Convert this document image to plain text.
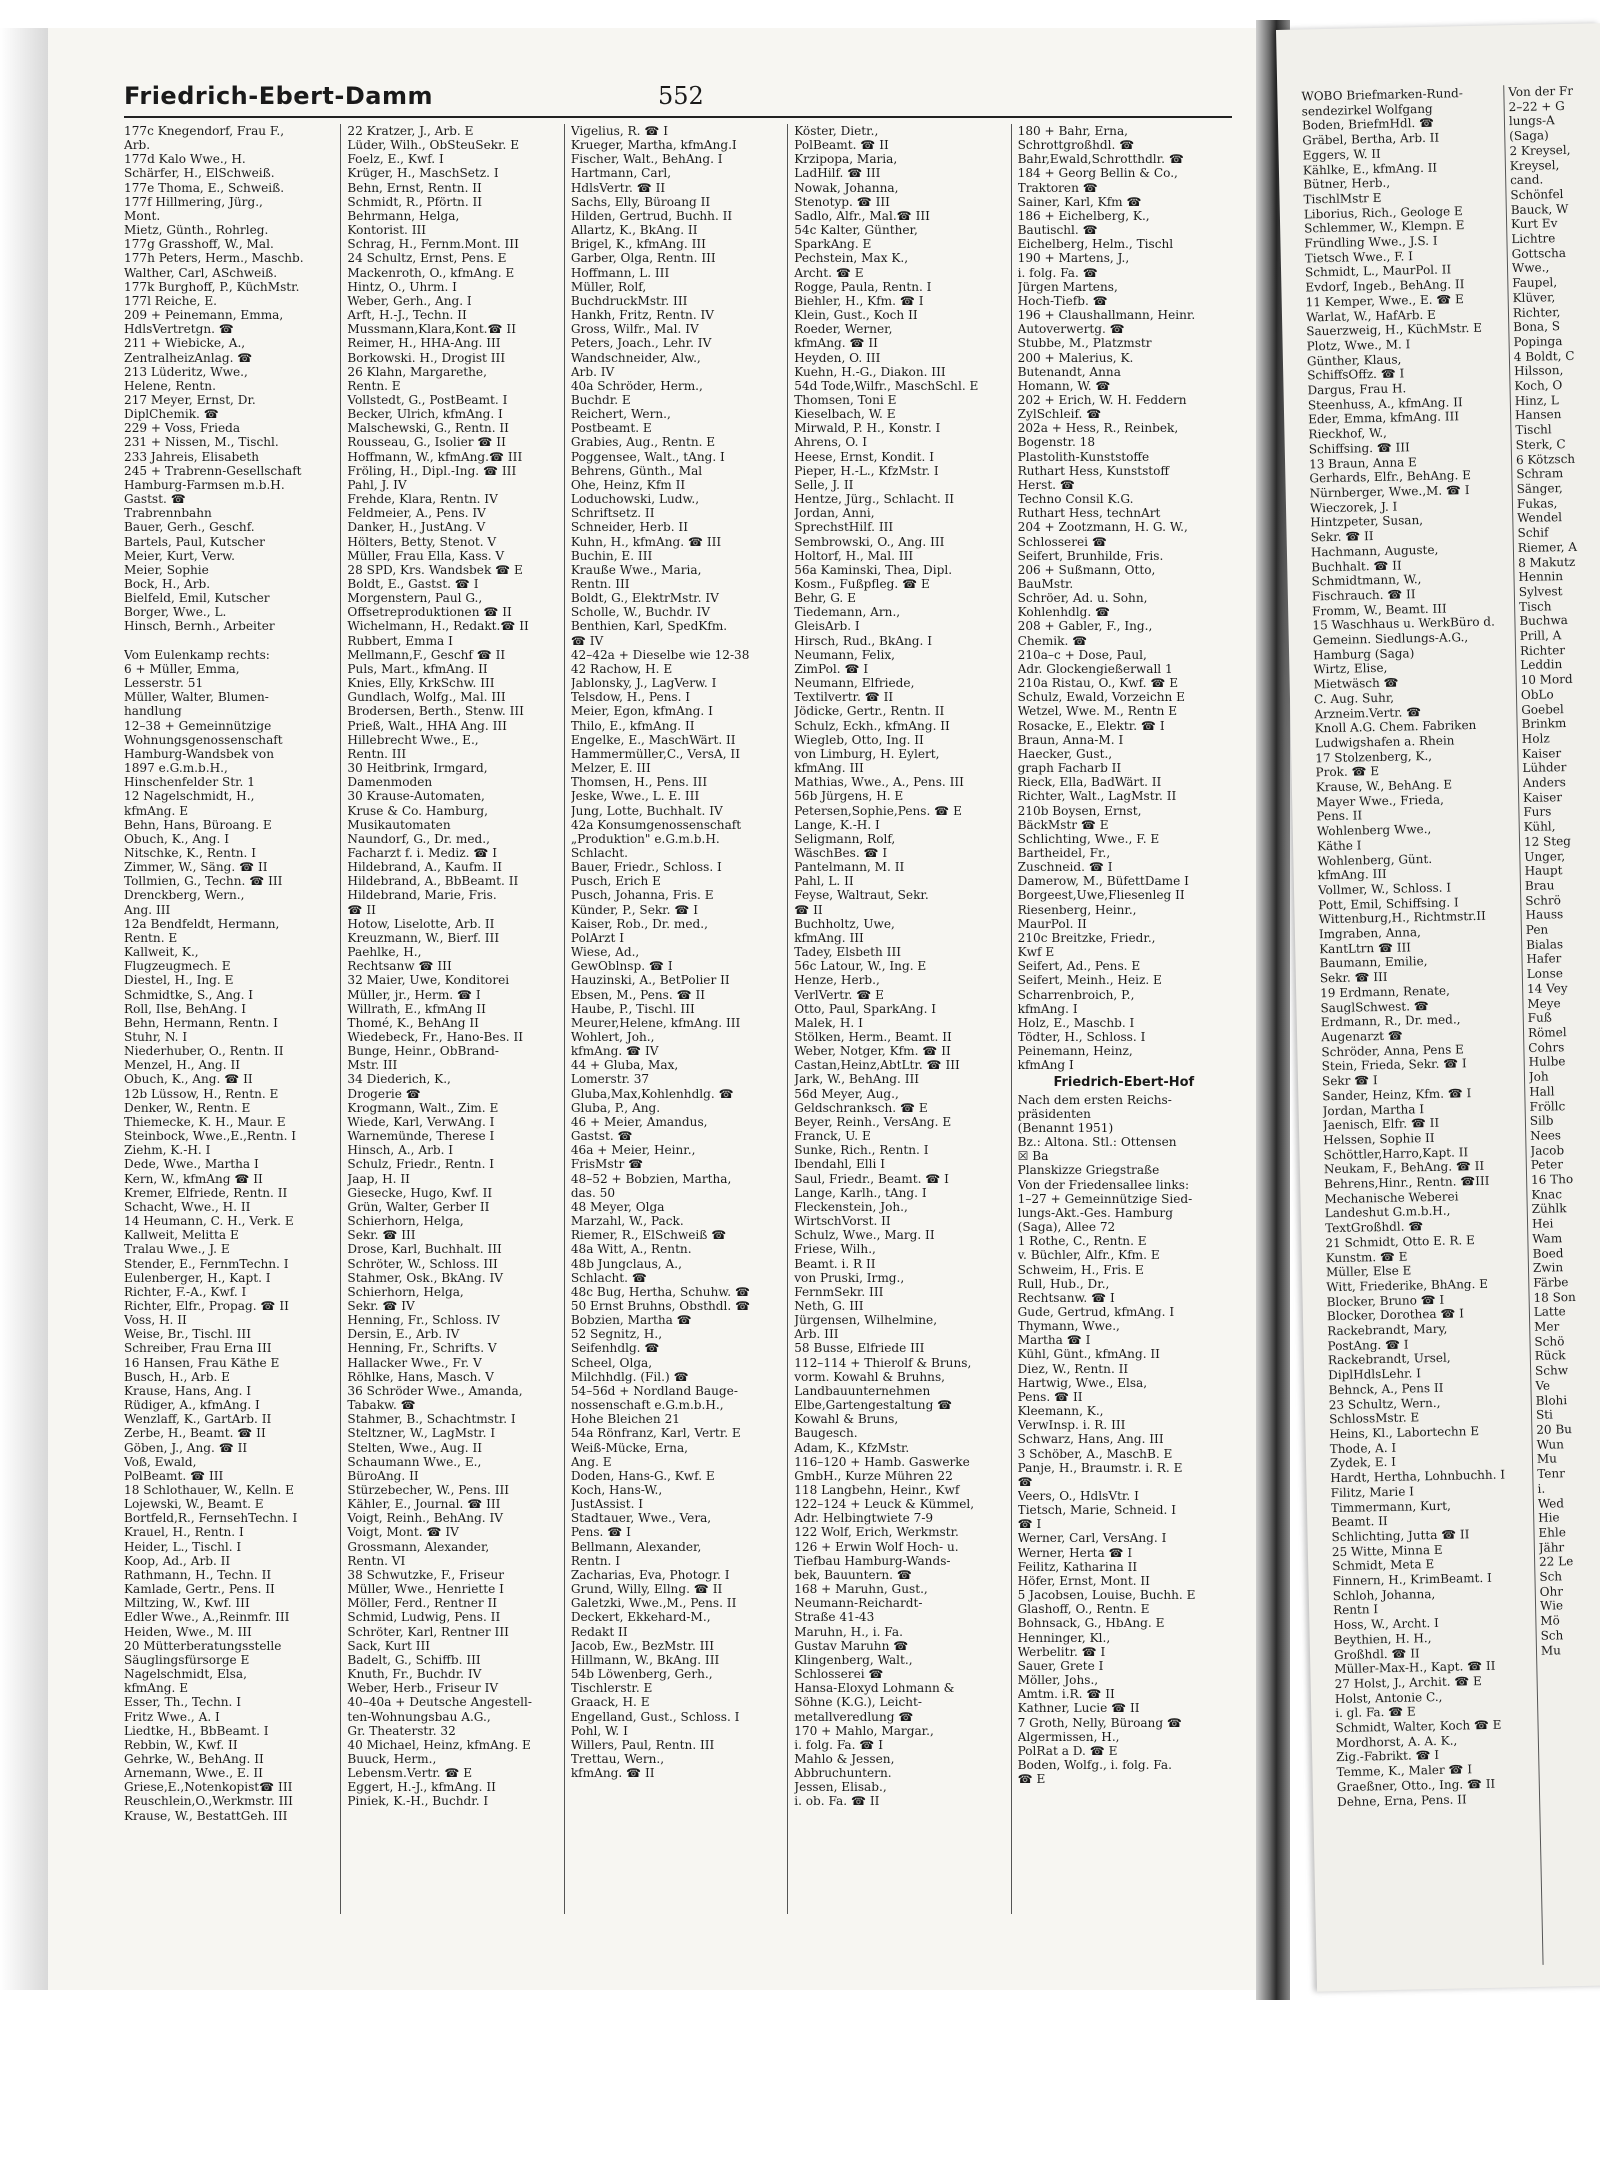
Friedrich-Ebert-Damm	552
177c Knegendorf, Frau F.,
Arb.
177d Kalo Wwe., H.
Schärfer, H., ElSchweiß.
177e Thoma, E., Schweiß.
177f Hillmering, Jürg.,
Mont.
Mietz, Günth., Rohrleg.
177g Grasshoff, W., Mal.
177h Peters, Herm., Maschb.
Walther, Carl, ASchweiß.
177k Burghoff, P., KüchMstr.
177l Reiche, E.
209 + Peinemann, Emma,
HdlsVertretgn. ☎
211 + Wiebicke, A.,
ZentralheizAnlag. ☎
213 Lüderitz, Wwe.,
Helene, Rentn.
217 Meyer, Ernst, Dr.
DiplChemik. ☎
229 + Voss, Frieda
231 + Nissen, M., Tischl.
233 Jahreis, Elisabeth
245 + Trabrenn-Gesellschaft
Hamburg-Farmsen m.b.H.
Gastst. ☎
Trabrennbahn
Bauer, Gerh., Geschf.
Bartels, Paul, Kutscher
Meier, Kurt, Verw.
Meier, Sophie
Bock, H., Arb.
Bielfeld, Emil, Kutscher
Borger, Wwe., L.
Hinsch, Bernh., Arbeiter

Vom Eulenkamp rechts:
6 + Müller, Emma,
Lesserstr. 51
Müller, Walter, Blumen-
handlung
12–38 + Gemeinnützige
Wohnungsgenossenschaft
Hamburg-Wandsbek von
1897 e.G.m.b.H.,
Hinschenfelder Str. 1
12 Nagelschmidt, H.,
kfmAng. E
Behn, Hans, Büroang. E
Obuch, K., Ang. I
Nitschke, K., Rentn. I
Zimmer, W., Säng. ☎ II
Tollmien, G., Techn. ☎ III
Drenckberg, Wern.,
Ang. III
12a Bendfeldt, Hermann,
Rentn. E
Kallweit, K.,
Flugzeugmech. E
Diestel, H., Ing. E
Schmidtke, S., Ang. I
Roll, Ilse, BehAng. I
Behn, Hermann, Rentn. I
Stuhr, N. I
Niederhuber, O., Rentn. II
Menzel, H., Ang. II
Obuch, K., Ang. ☎ II
12b Lüssow, H., Rentn. E
Denker, W., Rentn. E
Thiemecke, K. H., Maur. E
Steinbock, Wwe.,E.,Rentn. I
Ziehm, K.-H. I
Dede, Wwe., Martha I
Kern, W., kfmAng ☎ II
Kremer, Elfriede, Rentn. II
Schacht, Wwe., H. II
14 Heumann, C. H., Verk. E
Kallweit, Melitta E
Tralau Wwe., J. E
Stender, E., FernmTechn. I
Eulenberger, H., Kapt. I
Richter, F.-A., Kwf. I
Richter, Elfr., Propag. ☎ II
Voss, H. II
Weise, Br., Tischl. III
Schreiber, Frau Erna III
16 Hansen, Frau Käthe E
Busch, H., Arb. E
Krause, Hans, Ang. I
Rüdiger, A., kfmAng. I
Wenzlaff, K., GartArb. II
Zerbe, H., Beamt. ☎ II
Göben, J., Ang. ☎ II
Voß, Ewald,
PolBeamt. ☎ III
18 Schlothauer, W., Kelln. E
Lojewski, W., Beamt. E
Bortfeld,R., FernsehTechn. I
Krauel, H., Rentn. I
Heider, L., Tischl. I
Koop, Ad., Arb. II
Rathmann, H., Techn. II
Kamlade, Gertr., Pens. II
Miltzing, W., Kwf. III
Edler Wwe., A.,Reinmfr. III
Heiden, Wwe., M. III
20 Mütterberatungsstelle
Säuglingsfürsorge E
Nagelschmidt, Elsa,
kfmAng. E
Esser, Th., Techn. I
Fritz Wwe., A. I
Liedtke, H., BbBeamt. I
Rebbin, W., Kwf. II
Gehrke, W., BehAng. II
Arnemann, Wwe., E. II
Griese,E.,Notenkopist☎ III
Reuschlein,O.,Werkmstr. III
Krause, W., BestattGeh. III
22 Kratzer, J., Arb. E
Lüder, Wilh., ObSteuSekr. E
Foelz, E., Kwf. I
Krüger, H., MaschSetz. I
Behn, Ernst, Rentn. II
Schmidt, R., Pförtn. II
Behrmann, Helga,
Kontorist. III
Schrag, H., Fernm.Mont. III
24 Schultz, Ernst, Pens. E
Mackenroth, O., kfmAng. E
Hintz, O., Uhrm. I
Weber, Gerh., Ang. I
Arft, H.-J., Techn. II
Mussmann,Klara,Kont.☎ II
Reimer, H., HHA-Ang. III
Borkowski. H., Drogist III
26 Klahn, Margarethe,
Rentn. E
Vollstedt, G., PostBeamt. I
Becker, Ulrich, kfmAng. I
Malschewski, G., Rentn. II
Rousseau, G., Isolier ☎ II
Hoffmann, W., kfmAng.☎ III
Fröling, H., Dipl.-Ing. ☎ III
Pahl, J. IV
Frehde, Klara, Rentn. IV
Feldmeier, A., Pens. IV
Danker, H., JustAng. V
Hölters, Betty, Stenot. V
Müller, Frau Ella, Kass. V
28 SPD, Krs. Wandsbek ☎ E
Boldt, E., Gastst. ☎ I
Morgenstern, Paul G.,
Offsetreproduktionen ☎ II
Wichelmann, H., Redakt.☎ II
Rubbert, Emma I
Mellmann,F., Geschf ☎ II
Puls, Mart., kfmAng. II
Knies, Elly, KrkSchw. III
Gundlach, Wolfg., Mal. III
Brodersen, Berth., Stenw. III
Prieß, Walt., HHA Ang. III
Hillebrecht Wwe., E.,
Rentn. III
30 Heitbrink, Irmgard,
Damenmoden
30 Krause-Automaten,
Kruse & Co. Hamburg,
Musikautomaten
Naundorf, G., Dr. med.,
Facharzt f. i. Mediz. ☎ I
Hildebrand, A., Kaufm. II
Hildebrand, A., BbBeamt. II
Hildebrand, Marie, Fris.
☎ II
Hotow, Liselotte, Arb. II
Kreuzmann, W., Bierf. III
Paehlke, H.,
Rechtsanw ☎ III
32 Maier, Uwe, Konditorei
Müller, jr., Herm. ☎ I
Willrath, E., kfmAng II
Thomé, K., BehAng II
Wiedebeck, Fr., Hano-Bes. II
Bunge, Heinr., ObBrand-
Mstr. III
34 Diederich, K.,
Drogerie ☎
Krogmann, Walt., Zim. E
Wiede, Karl, VerwAng. I
Warnemünde, Therese I
Hinsch, A., Arb. I
Schulz, Friedr., Rentn. I
Jaap, H. II
Giesecke, Hugo, Kwf. II
Grün, Walter, Gerber II
Schierhorn, Helga,
Sekr. ☎ III
Drose, Karl, Buchhalt. III
Schröter, W., Schloss. III
Stahmer, Osk., BkAng. IV
Schierhorn, Helga,
Sekr. ☎ IV
Henning, Fr., Schloss. IV
Dersin, E., Arb. IV
Henning, Fr., Schrifts. V
Hallacker Wwe., Fr. V
Röhlke, Hans, Masch. V
36 Schröder Wwe., Amanda,
Tabakw. ☎
Stahmer, B., Schachtmstr. I
Steltzner, W., LagMstr. I
Stelten, Wwe., Aug. II
Schaumann Wwe., E.,
BüroAng. II
Stürzebecher, W., Pens. III
Kähler, E., Journal. ☎ III
Voigt, Reinh., BehAng. IV
Voigt, Mont. ☎ IV
Grossmann, Alexander,
Rentn. VI
38 Schwutzke, F., Friseur
Müller, Wwe., Henriette I
Möller, Ferd., Rentner II
Schmid, Ludwig, Pens. II
Schröter, Karl, Rentner III
Sack, Kurt III
Badelt, G., Schiffb. III
Knuth, Fr., Buchdr. IV
Weber, Herb., Friseur IV
40–40a + Deutsche Angestell-
ten-Wohnungsbau A.G.,
Gr. Theaterstr. 32
40 Michael, Heinz, kfmAng. E
Buuck, Herm.,
Lebensm.Vertr. ☎ E
Eggert, H.-J., kfmAng. II
Piniek, K.-H., Buchdr. I
Vigelius, R. ☎ I
Krueger, Martha, kfmAng.I
Fischer, Walt., BehAng. I
Hartmann, Carl,
HdlsVertr. ☎ II
Sachs, Elly, Büroang II
Hilden, Gertrud, Buchh. II
Allartz, K., BkAng. II
Brigel, K., kfmAng. III
Garber, Olga, Rentn. III
Hoffmann, L. III
Müller, Rolf,
BuchdruckMstr. III
Hankh, Fritz, Rentn. IV
Gross, Wilfr., Mal. IV
Peters, Joach., Lehr. IV
Wandschneider, Alw.,
Arb. IV
40a Schröder, Herm.,
Buchdr. E
Reichert, Wern.,
Postbeamt. E
Grabies, Aug., Rentn. E
Poggensee, Walt., tAng. I
Behrens, Günth., Mal
Ohe, Heinz, Kfm II
Loduchowski, Ludw.,
Schriftsetz. II
Schneider, Herb. II
Kuhn, H., kfmAng. ☎ III
Buchin, E. III
Krauße Wwe., Maria,
Rentn. III
Boldt, G., ElektrMstr. IV
Scholle, W., Buchdr. IV
Benthien, Karl, SpedKfm.
☎ IV
42–42a + Dieselbe wie 12-38
42 Rachow, H. E
Jablonsky, J., LagVerw. I
Telsdow, H., Pens. I
Meier, Egon, kfmAng. I
Thilo, E., kfmAng. II
Engelke, E., MaschWärt. II
Hammermüller,C., VersA, II
Melzer, E. III
Thomsen, H., Pens. III
Jeske, Wwe., L. E. III
Jung, Lotte, Buchhalt. IV
42a Konsumgenossenschaft
„Produktion" e.G.m.b.H.
Schlacht.
Bauer, Friedr., Schloss. I
Pusch, Erich E
Pusch, Johanna, Fris. E
Künder, P., Sekr. ☎ I
Kaiser, Rob., Dr. med.,
PolArzt I
Wiese, Ad.,
GewOblnsp. ☎ I
Hauzinski, A., BetPolier II
Ebsen, M., Pens. ☎ II
Haube, P., Tischl. III
Meurer,Helene, kfmAng. III
Wohlert, Joh.,
kfmAng. ☎ IV
44 + Gluba, Max,
Lomerstr. 37
Gluba,Max,Kohlenhdlg. ☎
Gluba, P., Ang.
46 + Meier, Amandus,
Gastst. ☎
46a + Meier, Heinr.,
FrisMstr ☎
48–52 + Bobzien, Martha,
das. 50
48 Meyer, Olga
Marzahl, W., Pack.
Riemer, R., ElSchweiß ☎
48a Witt, A., Rentn.
48b Jungclaus, A.,
Schlacht. ☎
48c Bug, Hertha, Schuhw. ☎
50 Ernst Bruhns, Obsthdl. ☎
Bobzien, Martha ☎
52 Segnitz, H.,
Seifenhdlg. ☎
Scheel, Olga,
Milchhdlg. (Fil.) ☎
54–56d + Nordland Bauge-
nossenschaft e.G.m.b.H.,
Hohe Bleichen 21
54a Rönfranz, Karl, Vertr. E
Weiß-Mücke, Erna,
Ang. E
Doden, Hans-G., Kwf. E
Koch, Hans-W.,
JustAssist. I
Stadtauer, Wwe., Vera,
Pens. ☎ I
Bellmann, Alexander,
Rentn. I
Zacharias, Eva, Photogr. I
Grund, Willy, Ellng. ☎ II
Galetzki, Wwe.,M., Pens. II
Deckert, Ekkehard-M.,
Redakt II
Jacob, Ew., BezMstr. III
Hillmann, W., BkAng. III
54b Löwenberg, Gerh.,
Tischlerstr. E
Graack, H. E
Engelland, Gust., Schloss. I
Pohl, W. I
Willers, Paul, Rentn. III
Trettau, Wern.,
kfmAng. ☎ II
Köster, Dietr.,
PolBeamt. ☎ II
Krzipopa, Maria,
LadHilf. ☎ III
Nowak, Johanna,
Stenotyp. ☎ III
Sadlo, Alfr., Mal.☎ III
54c Kalter, Günther,
SparkAng. E
Pechstein, Max K.,
Archt. ☎ E
Rogge, Paula, Rentn. I
Biehler, H., Kfm. ☎ I
Klein, Gust., Koch II
Roeder, Werner,
kfmAng. ☎ II
Heyden, O. III
Kuehn, H.-G., Diakon. III
54d Tode,Wilfr., MaschSchl. E
Thomsen, Toni E
Kieselbach, W. E
Mirwald, P. H., Konstr. I
Ahrens, O. I
Heese, Ernst, Kondit. I
Pieper, H.-L., KfzMstr. I
Selle, J. II
Hentze, Jürg., Schlacht. II
Jordan, Anni,
SprechstHilf. III
Sembrowski, O., Ang. III
Holtorf, H., Mal. III
56a Kaminski, Thea, Dipl.
Kosm., Fußpfleg. ☎ E
Behr, G. E
Tiedemann, Arn.,
GleisArb. I
Hirsch, Rud., BkAng. I
Neumann, Felix,
ZimPol. ☎ I
Neumann, Elfriede,
Textilvertr. ☎ II
Jödicke, Gertr., Rentn. II
Schulz, Eckh., kfmAng. II
Wiegleb, Otto, Ing. II
von Limburg, H. Eylert,
kfmAng. III
Mathias, Wwe., A., Pens. III
56b Jürgens, H. E
Petersen,Sophie,Pens. ☎ E
Lange, K.-H. I
Seligmann, Rolf,
WäschBes. ☎ I
Pantelmann, M. II
Pahl, L. II
Feyse, Waltraut, Sekr.
☎ II
Buchholtz, Uwe,
kfmAng. III
Tadey, Elsbeth III
56c Latour, W., Ing. E
Henze, Herb.,
VerlVertr. ☎ E
Otto, Paul, SparkAng. I
Malek, H. I
Stölken, Herm., Beamt. II
Weber, Notger, Kfm. ☎ II
Castan,Heinz,AbtLtr. ☎ III
Jark, W., BehAng. III
56d Meyer, Aug.,
Geldschranksch. ☎ E
Beyer, Reinh., VersAng. E
Franck, U. E
Sunke, Rich., Rentn. I
Ibendahl, Elli I
Saul, Friedr., Beamt. ☎ I
Lange, Karlh., tAng. I
Fleckenstein, Joh.,
WirtschVorst. II
Schulz, Wwe., Marg. II
Friese, Wilh.,
Beamt. i. R II
von Pruski, Irmg.,
FernmSekr. III
Neth, G. III
Jürgensen, Wilhelmine,
Arb. III
58 Busse, Elfriede III
112–114 + Thierolf & Bruns,
vorm. Kowahl & Bruhns,
Landbauunternehmen
Elbe,Gartengestaltung ☎
Kowahl & Bruns,
Baugesch.
Adam, K., KfzMstr.
116–120 + Hamb. Gaswerke
GmbH., Kurze Mühren 22
118 Langbehn, Heinr., Kwf
122–124 + Leuck & Kümmel,
Adr. Helbingtwiete 7-9
122 Wolf, Erich, Werkmstr.
126 + Erwin Wolf Hoch- u.
Tiefbau Hamburg-Wands-
bek, Bauuntern. ☎
168 + Maruhn, Gust.,
Neumann-Reichardt-
Straße 41-43
Maruhn, H., i. Fa.
Gustav Maruhn ☎
Klingenberg, Walt.,
Schlosserei ☎
Hansa-Eloxyd Lohmann &
Söhne (K.G.), Leicht-
metallveredlung ☎
170 + Mahlo, Margar.,
i. folg. Fa. ☎ I
Mahlo & Jessen,
Abbruchuntern.
Jessen, Elisab.,
i. ob. Fa. ☎ II
180 + Bahr, Erna,
Schrottgroßhdl. ☎
Bahr,Ewald,Schrotthdlr. ☎
184 + Georg Bellin & Co.,
Traktoren ☎
Sainer, Karl, Kfm ☎
186 + Eichelberg, K.,
Bautischl. ☎
Eichelberg, Helm., Tischl
190 + Martens, J.,
i. folg. Fa. ☎
Jürgen Martens,
Hoch-Tiefb. ☎
196 + Claushallmann, Heinr.
Autoverwertg. ☎
Stubbe, M., Platzmstr
200 + Malerius, K.
Butenandt, Anna
Homann, W. ☎
202 + Erich, W. H. Feddern
ZylSchleif. ☎
202a + Hess, R., Reinbek,
Bogenstr. 18
Plastolith-Kunststoffe
Ruthart Hess, Kunststoff
Herst. ☎
Techno Consil K.G.
Ruthart Hess, technArt
204 + Zootzmann, H. G. W.,
Schlosserei ☎
Seifert, Brunhilde, Fris.
206 + Sußmann, Otto,
BauMstr.
Schröer, Ad. u. Sohn,
Kohlenhdlg. ☎
208 + Gabler, F., Ing.,
Chemik. ☎
210a–c + Dose, Paul,
Adr. Glockengießerwall 1
210a Ristau, O., Kwf. ☎ E
Schulz, Ewald, Vorzeichn E
Wetzel, Wwe. M., Rentn E
Rosacke, E., Elektr. ☎ I
Braun, Anna-M. I
Haecker, Gust.,
graph Facharb II
Rieck, Ella, BadWärt. II
Richter, Walt., LagMstr. II
210b Boysen, Ernst,
BäckMstr ☎ E
Schlichting, Wwe., F. E
Bartheidel, Fr.,
Zuschneid. ☎ I
Damerow, M., BüfettDame I
Borgeest,Uwe,Fliesenleg II
Riesenberg, Heinr.,
MaurPol. II
210c Breitzke, Friedr.,
Kwf E
Seifert, Ad., Pens. E
Seifert, Meinh., Heiz. E
Scharrenbroich, P.,
kfmAng. I
Holz, E., Maschb. I
Tödter, H., Schloss. I
Peinemann, Heinz,
kfmAng I
Friedrich-Ebert-Hof
Nach dem ersten Reichs-
präsidenten
(Benannt 1951)
Bz.: Altona. Stl.: Ottensen
☒ Ba
Planskizze Griegstraße
Von der Friedensallee links:
1–27 + Gemeinnützige Sied-
lungs-Akt.-Ges. Hamburg
(Saga), Allee 72
1 Rothe, C., Rentn. E
v. Büchler, Alfr., Kfm. E
Schweim, H., Fris. E
Rull, Hub., Dr.,
Rechtsanw. ☎ I
Gude, Gertrud, kfmAng. I
Thymann, Wwe.,
Martha ☎ I
Kühl, Günt., kfmAng. II
Diez, W., Rentn. II
Hartwig, Wwe., Elsa,
Pens. ☎ II
Kleemann, K.,
VerwInsp. i. R. III
Schwarz, Hans, Ang. III
3 Schöber, A., MaschB. E
Panje, H., Braumstr. i. R. E
☎
Veers, O., HdlsVtr. I
Tietsch, Marie, Schneid. I
☎ I
Werner, Carl, VersAng. I
Werner, Herta ☎ I
Feilitz, Katharina II
Höfer, Ernst, Mont. II
5 Jacobsen, Louise, Buchh. E
Glashoff, O., Rentn. E
Bohnsack, G., HbAng. E
Henninger, Kl.,
Werbelitr. ☎ I
Sauer, Grete I
Möller, Johs.,
Amtm. i.R. ☎ II
Kathner, Lucie ☎ II
7 Groth, Nelly, Büroang ☎
Algermissen, H.,
PolRat a D. ☎ E
Boden, Wolfg., i. folg. Fa.
☎ E
WOBO Briefmarken-Rund-
sendezirkel Wolfgang
Boden, BriefmHdl. ☎
Gräbel, Bertha, Arb. II
Eggers, W. II
Kählke, E., kfmAng. II
Bütner, Herb.,
TischlMstr E
Liborius, Rich., Geologe E
Schlemmer, W., Klempn. E
Fründling Wwe., J.S. I
Tietsch Wwe., F. I
Schmidt, L., MaurPol. II
Evdorf, Ingeb., BehAng. II
11 Kemper, Wwe., E. ☎ E
Warlat, W., HafArb. E
Sauerzweig, H., KüchMstr. E
Plotz, Wwe., M. I
Günther, Klaus,
SchiffsOffz. ☎ I
Dargus, Frau H.
Steenhuss, A., kfmAng. II
Eder, Emma, kfmAng. III
Rieckhof, W.,
Schiffsing. ☎ III
13 Braun, Anna E
Gerhards, Elfr., BehAng. E
Nürnberger, Wwe.,M. ☎ I
Wieczorek, J. I
Hintzpeter, Susan,
Sekr. ☎ II
Hachmann, Auguste,
Buchhalt. ☎ II
Schmidtmann, W.,
Fischrauch. ☎ II
Fromm, W., Beamt. III
15 Waschhaus u. WerkBüro d.
Gemeinn. Siedlungs-A.G.,
Hamburg (Saga)
Wirtz, Elise,
Mietwäsch ☎
C. Aug. Suhr,
Arzneim.Vertr. ☎
Knoll A.G. Chem. Fabriken
Ludwigshafen a. Rhein
17 Stolzenberg, K.,
Prok. ☎ E
Krause, W., BehAng. E
Mayer Wwe., Frieda,
Pens. II
Wohlenberg Wwe.,
Käthe I
Wohlenberg, Günt.
kfmAng. III
Vollmer, W., Schloss. I
Pott, Emil, Schiffsing. I
Wittenburg,H., Richtmstr.II
Imgraben, Anna,
KantLtrn ☎ III
Baumann, Emilie,
Sekr. ☎ III
19 Erdmann, Renate,
SauglSchwest. ☎
Erdmann, R., Dr. med.,
Augenarzt ☎
Schröder, Anna, Pens E
Stein, Frieda, Sekr. ☎ I
Sekr ☎ I
Sander, Heinz, Kfm. ☎ I
Jordan, Martha I
Jaenisch, Elfr. ☎ II
Helssen, Sophie II
Schöttler,Harro,Kapt. II
Neukam, F., BehAng. ☎ II
Behrens,Hinr., Rentn. ☎III
Mechanische Weberei
Landeshut G.m.b.H.,
TextGroßhdl. ☎
21 Schmidt, Otto E. R. E
Kunstm. ☎ E
Müller, Else E
Witt, Friederike, BhAng. E
Blocker, Bruno ☎ I
Blocker, Dorothea ☎ I
Rackebrandt, Mary,
PostAng. ☎ I
Rackebrandt, Ursel,
DiplHdlsLehr. I
Behnck, A., Pens II
23 Schultz, Wern.,
SchlossMstr. E
Heins, Kl., Labortechn E
Thode, A. I
Zydek, E. I
Hardt, Hertha, Lohnbuchh. I
Filitz, Marie I
Timmermann, Kurt,
Beamt. II
Schlichting, Jutta ☎ II
25 Witte, Minna E
Schmidt, Meta E
Finnern, H., KrimBeamt. I
Schloh, Johanna,
Rentn I
Hoss, W., Archt. I
Beythien, H. H.,
Großhdl. ☎ II
Müller-Max-H., Kapt. ☎ II
27 Holst, J., Archit. ☎ E
Holst, Antonie C.,
i. gl. Fa. ☎ E
Schmidt, Walter, Koch ☎ E
Mordhorst, A. A. K.,
Zig.-Fabrikt. ☎ I
Temme, K., Maler ☎ I
Graeßner, Otto., Ing. ☎ II
Dehne, Erna, Pens. II
Von der Fr
2–22 + G
lungs-A
(Saga)
2 Kreysel,
Kreysel,
cand.
Schönfel
Bauck, W
Kurt Ev
Lichtre
Gottscha
Wwe.,
Faupel,
Klüver,
Richter,
Bona, S
Popinga
4 Boldt, C
Hilsson,
Koch, O
Hinz, L
Hansen
Tischl
Sterk, C
6 Kötzsch
Schram
Sänger,
Fukas,
Wendel
Schif
Riemer, A
8 Makutz
Hennin
Sylvest
Tisch
Buchwa
Prill, A
Richter
Leddin
10 Mord
ObLo
Goebel
Brinkm
Holz
Kaiser
Lühder
Anders
Kaiser
Furs
Kühl,
12 Steg
Unger,
Haupt
Brau
Schrö
Hauss
Pen
Bialas
Hafer
Lonse
14 Vey
Meye
Fuß
Römel
Cohrs
Hulbe
Joh
Hall
Fröllc
Silb
Nees
Jacob
Peter
16 Tho
Knac
Zühlk
Hei
Wam
Boed
Zwin
Färbe
18 Son
Latte
Mer
Schö
Rück
Schw
Ve
Blohi
Sti
20 Bu
Wun
Mu
Tenr
i.
Wed
Hie
Ehle
Jähr
22 Le
Sch
Ohr
Wie
Mö
Sch
Mu
